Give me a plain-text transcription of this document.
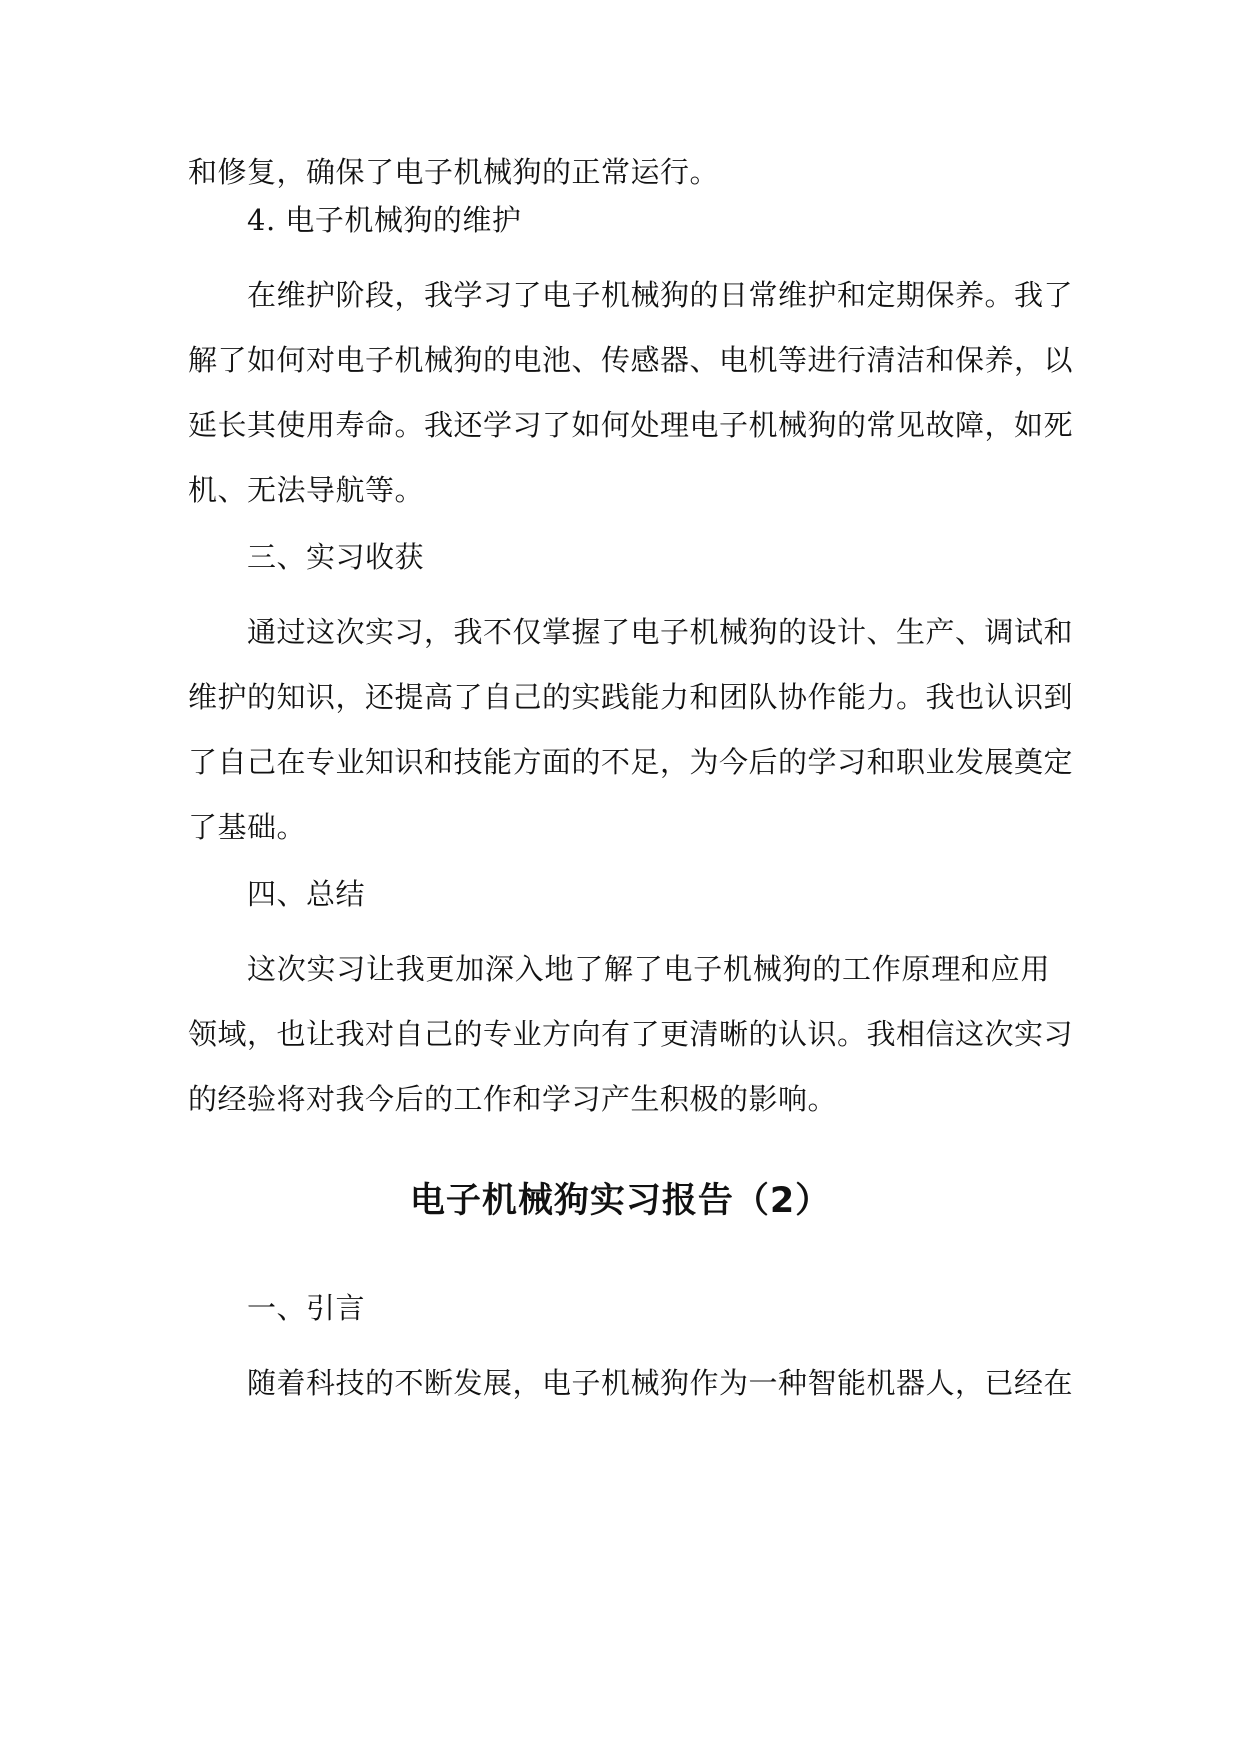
和修复，确保了电子机械狗的正常运行。
4. 电子机械狗的维护
在维护阶段，我学习了电子机械狗的日常维护和定期保养。我了
解了如何对电子机械狗的电池、传感器、电机等进行清洁和保养，以
延长其使用寿命。我还学习了如何处理电子机械狗的常见故障，如死
机、无法导航等。
三、实习收获
通过这次实习，我不仅掌握了电子机械狗的设计、生产、调试和
维护的知识，还提高了自己的实践能力和团队协作能力。我也认识到
了自己在专业知识和技能方面的不足，为今后的学习和职业发展奠定
了基础。
四、总结
这次实习让我更加深入地了解了电子机械狗的工作原理和应用
领域，也让我对自己的专业方向有了更清晰的认识。我相信这次实习
的经验将对我今后的工作和学习产生积极的影响。
电子机械狗实习报告（2）
一、引言
随着科技的不断发展，电子机械狗作为一种智能机器人，已经在
